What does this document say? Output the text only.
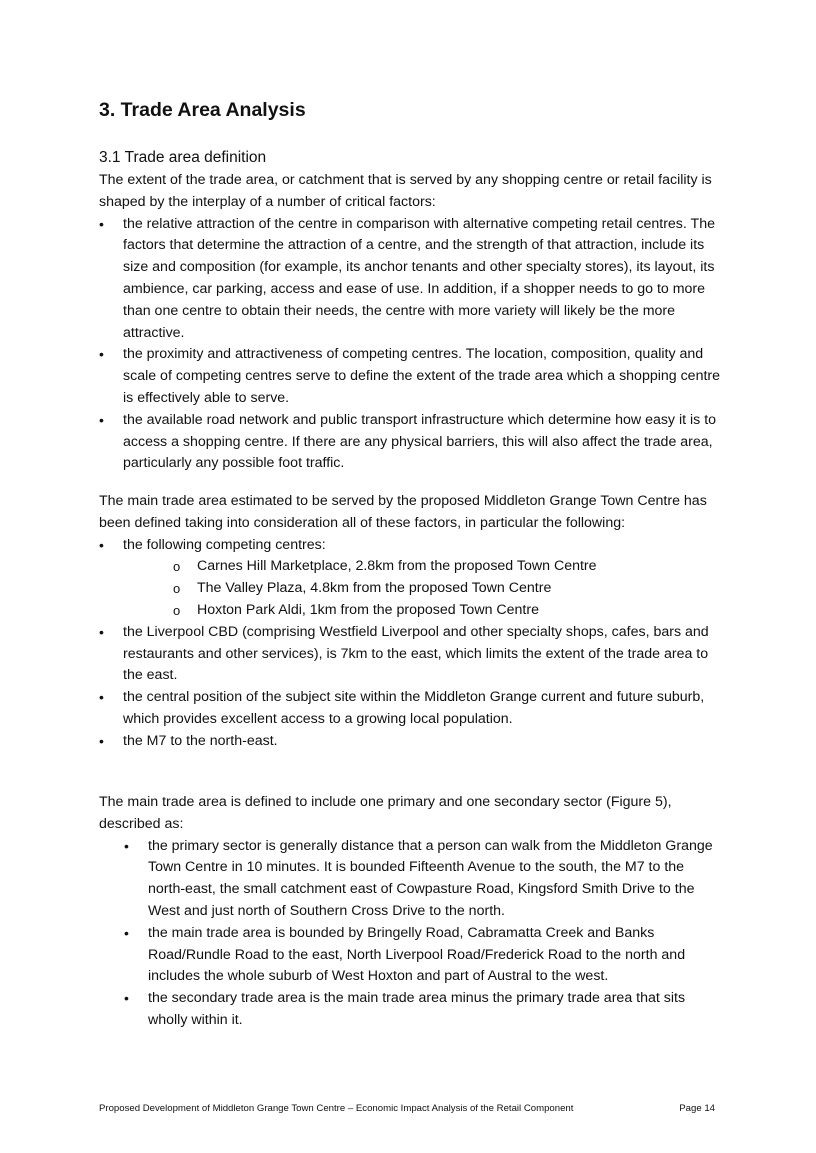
3. Trade Area Analysis
3.1 Trade area definition

The extent of the trade area, or catchment that is served by any shopping centre or retail facility is shaped by the interplay of a number of critical factors:

• the relative attraction of the centre in comparison with alternative competing retail centres. The factors that determine the attraction of a centre, and the strength of that attraction, include its size and composition (for example, its anchor tenants and other specialty stores), its layout, its ambience, car parking, access and ease of use. In addition, if a shopper needs to go to more than one centre to obtain their needs, the centre with more variety will likely be the more attractive.
• the proximity and attractiveness of competing centres. The location, composition, quality and scale of competing centres serve to define the extent of the trade area which a shopping centre is effectively able to serve.
• the available road network and public transport infrastructure which determine how easy it is to access a shopping centre. If there are any physical barriers, this will also affect the trade area, particularly any possible foot traffic.

The main trade area estimated to be served by the proposed Middleton Grange Town Centre has been defined taking into consideration all of these factors, in particular the following:

• the following competing centres:
o Carnes Hill Marketplace, 2.8km from the proposed Town Centre
o The Valley Plaza, 4.8km from the proposed Town Centre
o Hoxton Park Aldi, 1km from the proposed Town Centre
• the Liverpool CBD (comprising Westfield Liverpool and other specialty shops, cafes, bars and restaurants and other services), is 7km to the east, which limits the extent of the trade area to the east.
• the central position of the subject site within the Middleton Grange current and future suburb, which provides excellent access to a growing local population.
• the M7 to the north-east.

The main trade area is defined to include one primary and one secondary sector (Figure 5), described as:

• the primary sector is generally distance that a person can walk from the Middleton Grange Town Centre in 10 minutes. It is bounded Fifteenth Avenue to the south, the M7 to the north-east, the small catchment east of Cowpasture Road, Kingsford Smith Drive to the West and just north of Southern Cross Drive to the north.
• the main trade area is bounded by Bringelly Road, Cabramatta Creek and Banks Road/Rundle Road to the east, North Liverpool Road/Frederick Road to the north and includes the whole suburb of West Hoxton and part of Austral to the west.
• the secondary trade area is the main trade area minus the primary trade area that sits wholly within it.
Proposed Development of Middleton Grange Town Centre – Economic Impact Analysis of the Retail Component	Page 14
